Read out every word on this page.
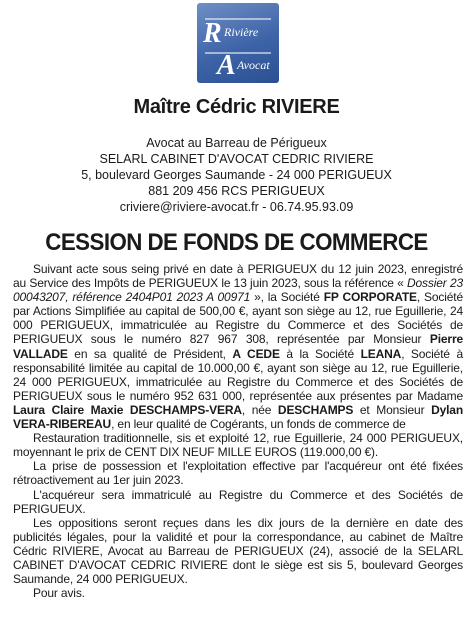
R Rivière
A Avocat
Maître Cédric RIVIERE
Avocat au Barreau de Périgueux
SELARL CABINET D'AVOCAT CEDRIC RIVIERE
5, boulevard Georges Saumande - 24 000 PERIGUEUX
881 209 456 RCS PERIGUEUX
criviere@riviere-avocat.fr - 06.74.95.93.09
CESSION DE FONDS DE COMMERCE

Suivant acte sous seing privé en date à PERIGUEUX du 12 juin 2023, enregistré au Service des Impôts de PERIGUEUX le 13 juin 2023, sous la référence « Dossier 23 00043207, référence 2404P01 2023 A 00971 », la Société FP CORPORATE, Société par Actions Simplifiée au capital de 500,00 €, ayant son siège au 12, rue Eguillerie, 24 000 PERIGUEUX, immatriculée au Registre du Commerce et des Sociétés de PERIGUEUX sous le numéro 827 967 308, représentée par Monsieur Pierre VALLADE en sa qualité de Président, A CEDE à la Société LEANA, Société à responsabilité limitée au capital de 10.000,00 €, ayant son siège au 12, rue Eguillerie, 24 000 PERIGUEUX, immatriculée au Registre du Commerce et des Sociétés de PERIGUEUX sous le numéro 952 631 000, représentée aux présentes par Madame Laura Claire Maxie DESCHAMPS-VERA, née DESCHAMPS et Monsieur Dylan VERA-RIBEREAU, en leur qualité de Cogérants, un fonds de commerce de

Restauration traditionnelle, sis et exploité 12, rue Eguillerie, 24 000 PERIGUEUX, moyennant le prix de CENT DIX NEUF MILLE EUROS (119.000,00 €).

La prise de possession et l'exploitation effective par l'acquéreur ont été fixées rétroactivement au 1er juin 2023.

L'acquéreur sera immatriculé au Registre du Commerce et des Sociétés de PERIGUEUX.

Les oppositions seront reçues dans les dix jours de la dernière en date des publicités légales, pour la validité et pour la correspondance, au cabinet de Maître Cédric RIVIERE, Avocat au Barreau de PERIGUEUX (24), associé de la SELARL CABINET D'AVOCAT CEDRIC RIVIERE dont le siège est sis 5, boulevard Georges Saumande, 24 000 PERIGUEUX.

Pour avis.
